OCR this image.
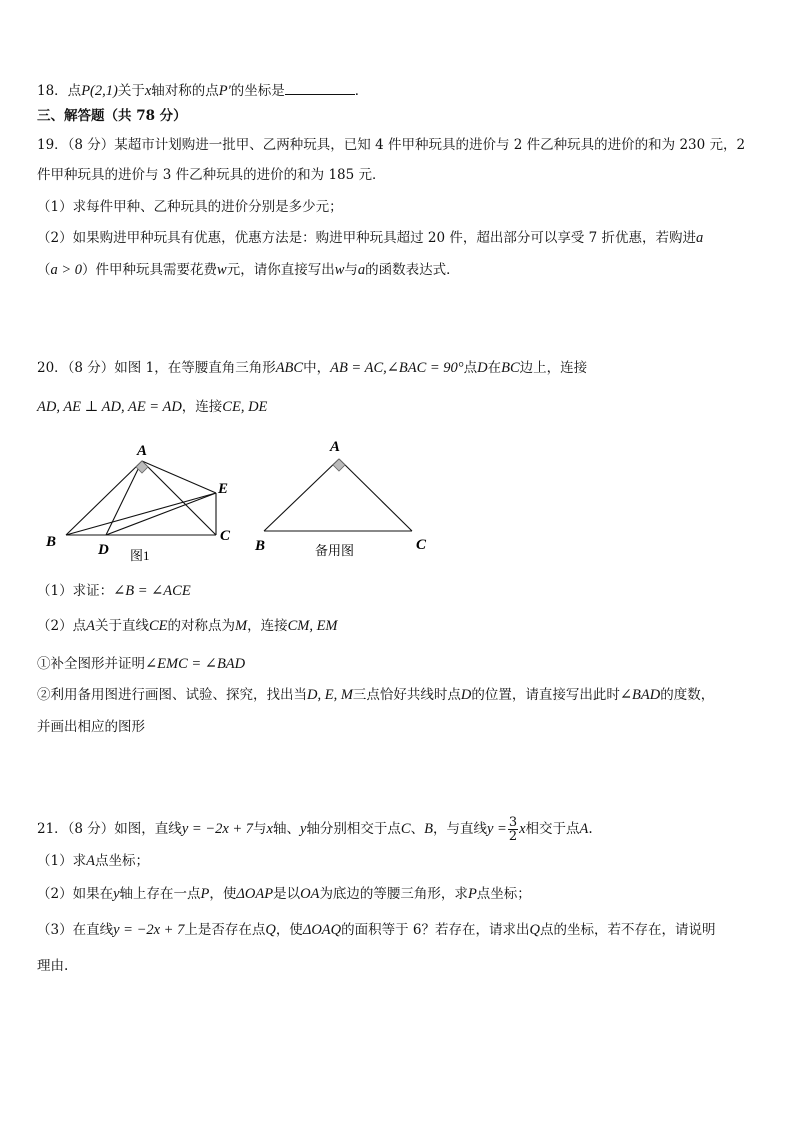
18．点P(2,1)关于x轴对称的点P′的坐标是	．
三、解答题（共 78 分）
19．（8 分）某超市计划购进一批甲、乙两种玩具，已知 4 件甲种玩具的进价与 2 件乙种玩具的进价的和为 230 元，2
件甲种玩具的进价与 3 件乙种玩具的进价的和为 185 元．
（1）求每件甲种、乙种玩具的进价分别是多少元；
（2）如果购进甲种玩具有优惠，优惠方法是：购进甲种玩具超过 20 件，超出部分可以享受 7 折优惠，若购进a
（a > 0）件甲种玩具需要花费w元，请你直接写出w与a的函数表达式．
20．（8 分）如图 1，在等腰直角三角形ABC中，AB = AC,∠BAC = 90°点D在BC边上，连接
AD, AE ⊥ AD, AE = AD，连接CE, DE
A
B	C
D
E
图1
A
B	C
备用图
（1）求证：∠B = ∠ACE
（2）点A关于直线CE的对称点为M，连接CM, EM
①补全图形并证明∠EMC = ∠BAD
②利用备用图进行画图、试验、探究，找出当D, E, M三点恰好共线时点D的位置，请直接写出此时∠BAD的度数，
并画出相应的图形
21．（8 分）如图，直线y = −2x + 7与x轴、y轴分别相交于点C、B，与直线$y = \frac{3}{2}$ x相交于点A.
（1）求A点坐标；
（2）如果在y轴上存在一点P，使ΔOAP是以OA为底边的等腰三角形，求P点坐标；
（3）在直线y = −2x + 7上是否存在点Q，使ΔOAQ的面积等于 6？若存在，请求出Q点的坐标，若不存在，请说明
理由.
